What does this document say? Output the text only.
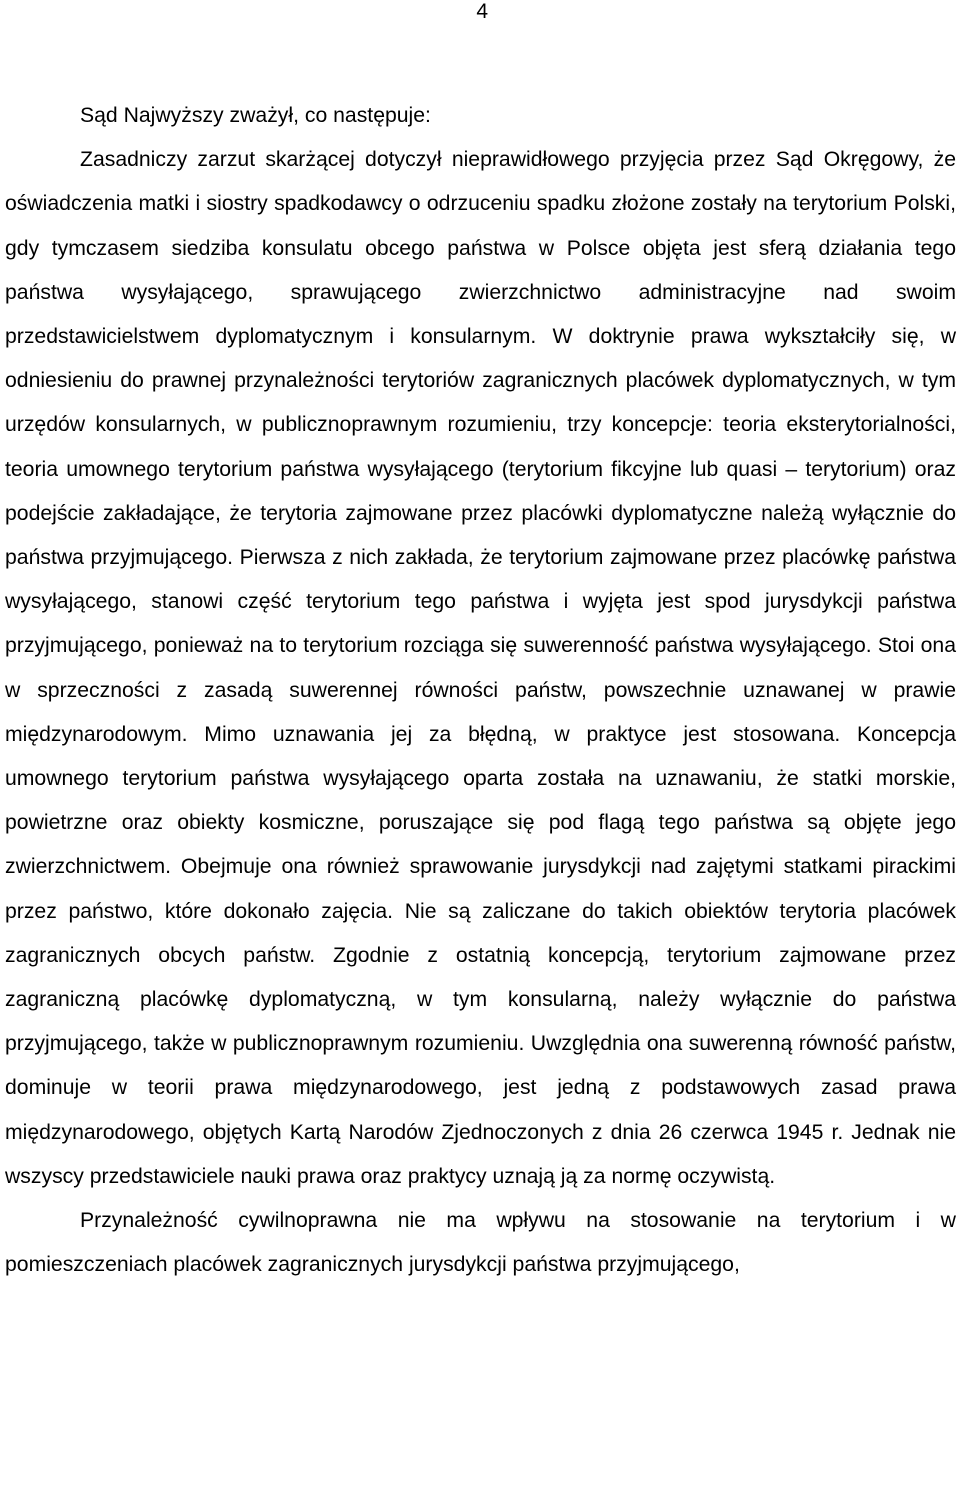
4

Sąd Najwyższy zważył, co następuje:

Zasadniczy zarzut skarżącej dotyczył nieprawidłowego przyjęcia przez Sąd Okręgowy, że oświadczenia matki i siostry spadkodawcy o odrzuceniu spadku złożone zostały na terytorium Polski, gdy tymczasem siedziba konsulatu obcego państwa w Polsce objęta jest sferą działania tego państwa wysyłającego, sprawującego zwierzchnictwo administracyjne nad swoim przedstawicielstwem dyplomatycznym i konsularnym. W doktrynie prawa wykształciły się, w odniesieniu do prawnej przynależności terytoriów zagranicznych placówek dyplomatycznych, w tym urzędów konsularnych, w publicznoprawnym rozumieniu, trzy koncepcje: teoria eksterytorialności, teoria umownego terytorium państwa wysyłającego (terytorium fikcyjne lub quasi – terytorium) oraz podejście zakładające, że terytoria zajmowane przez placówki dyplomatyczne należą wyłącznie do państwa przyjmującego. Pierwsza z nich zakłada, że terytorium zajmowane przez placówkę państwa wysyłającego, stanowi część terytorium tego państwa i wyjęta jest spod jurysdykcji państwa przyjmującego, ponieważ na to terytorium rozciąga się suwerenność państwa wysyłającego. Stoi ona w sprzeczności z zasadą suwerennej równości państw, powszechnie uznawanej w prawie międzynarodowym. Mimo uznawania jej za błędną, w praktyce jest stosowana. Koncepcja umownego terytorium państwa wysyłającego oparta została na uznawaniu, że statki morskie, powietrzne oraz obiekty kosmiczne, poruszające się pod flagą tego państwa są objęte jego zwierzchnictwem. Obejmuje ona również sprawowanie jurysdykcji nad zajętymi statkami pirackimi przez państwo, które dokonało zajęcia. Nie są zaliczane do takich obiektów terytoria placówek zagranicznych obcych państw. Zgodnie z ostatnią koncepcją, terytorium zajmowane przez zagraniczną placówkę dyplomatyczną, w tym konsularną, należy wyłącznie do państwa przyjmującego, także w publicznoprawnym rozumieniu. Uwzględnia ona suwerenną równość państw, dominuje w teorii prawa międzynarodowego, jest jedną z podstawowych zasad prawa międzynarodowego, objętych Kartą Narodów Zjednoczonych z dnia 26 czerwca 1945 r. Jednak nie wszyscy przedstawiciele nauki prawa oraz praktycy uznają ją za normę oczywistą.

Przynależność cywilnoprawna nie ma wpływu na stosowanie na terytorium i w pomieszczeniach placówek zagranicznych jurysdykcji państwa przyjmującego,
